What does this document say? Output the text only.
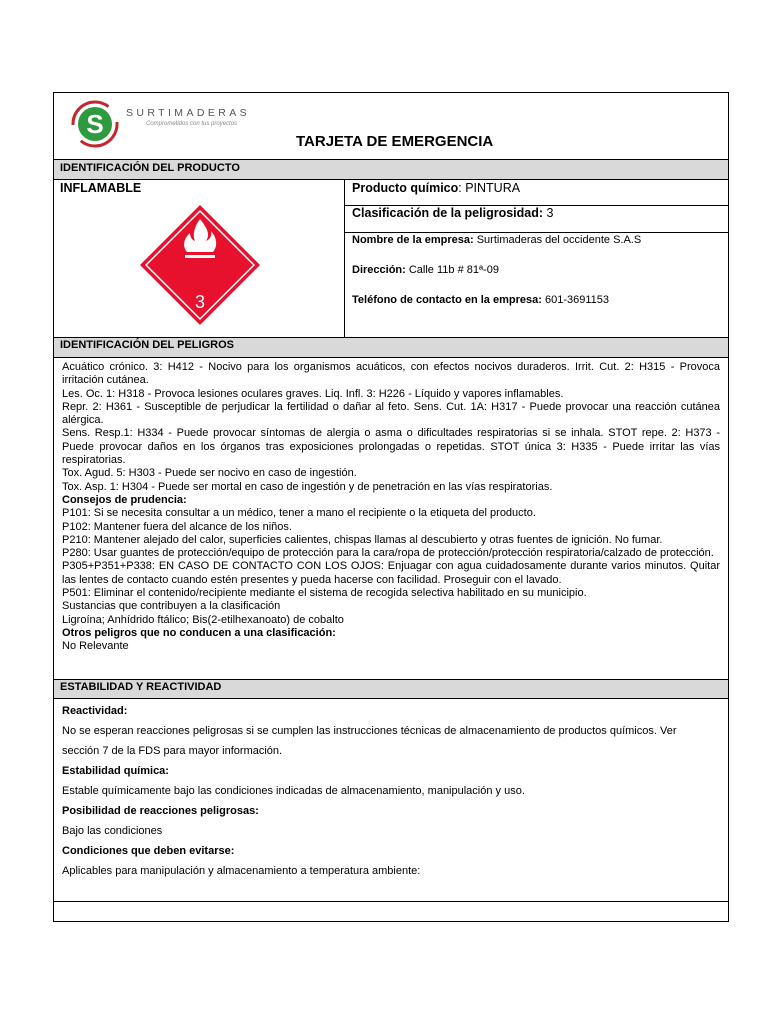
S SURTIMADERAS
Comprometidos con tus proyectos
TARJETA DE EMERGENCIA
IDENTIFICACIÓN DEL PRODUCTO
INFLAMABLE
3
Producto químico: PINTURA
Clasificación de la peligrosidad: 3
Nombre de la empresa: Surtimaderas del occidente S.A.S
Dirección: Calle 11b # 81ª-09
Teléfono de contacto en la empresa: 601-3691153
IDENTIFICACIÓN DEL PELIGROS

Acuático crónico. 3: H412 - Nocivo para los organismos acuáticos, con efectos nocivos duraderos. Irrit. Cut. 2: H315 - Provoca irritación cutánea.

Les. Oc. 1: H318 - Provoca lesiones oculares graves. Liq. Infl. 3: H226 - Líquido y vapores inflamables.

Repr. 2: H361 - Susceptible de perjudicar la fertilidad o dañar al feto. Sens. Cut. 1A: H317 - Puede provocar una reacción cutánea alérgica.

Sens. Resp.1: H334 - Puede provocar síntomas de alergia o asma o dificultades respiratorias si se inhala. STOT repe. 2: H373 - Puede provocar daños en los órganos tras exposiciones prolongadas o repetidas. STOT única 3: H335 - Puede irritar las vías respiratorias.

Tox. Agud. 5: H303 - Puede ser nocivo en caso de ingestión.

Tox. Asp. 1: H304 - Puede ser mortal en caso de ingestión y de penetración en las vías respiratorias.

Consejos de prudencia:

P101: Si se necesita consultar a un médico, tener a mano el recipiente o la etiqueta del producto.

P102: Mantener fuera del alcance de los niños.

P210: Mantener alejado del calor, superficies calientes, chispas llamas al descubierto y otras fuentes de ignición. No fumar.

P280: Usar guantes de protección/equipo de protección para la cara/ropa de protección/protección respiratoria/calzado de protección.

P305+P351+P338: EN CASO DE CONTACTO CON LOS OJOS: Enjuagar con agua cuidadosamente durante varios minutos. Quitar las lentes de contacto cuando estén presentes y pueda hacerse con facilidad. Proseguir con el lavado.

P501: Eliminar el contenido/recipiente mediante el sistema de recogida selectiva habilitado en su municipio.

Sustancias que contribuyen a la clasificación

Ligroína; Anhídrido ftálico; Bis(2-etilhexanoato) de cobalto

Otros peligros que no conducen a una clasificación:

No Relevante

ESTABILIDAD Y REACTIVIDAD

Reactividad:

No se esperan reacciones peligrosas si se cumplen las instrucciones técnicas de almacenamiento de productos químicos. Ver

sección 7 de la FDS para mayor información.

Estabilidad química:

Estable químicamente bajo las condiciones indicadas de almacenamiento, manipulación y uso.

Posibilidad de reacciones peligrosas:

Bajo las condiciones

Condiciones que deben evitarse:

Aplicables para manipulación y almacenamiento a temperatura ambiente:
